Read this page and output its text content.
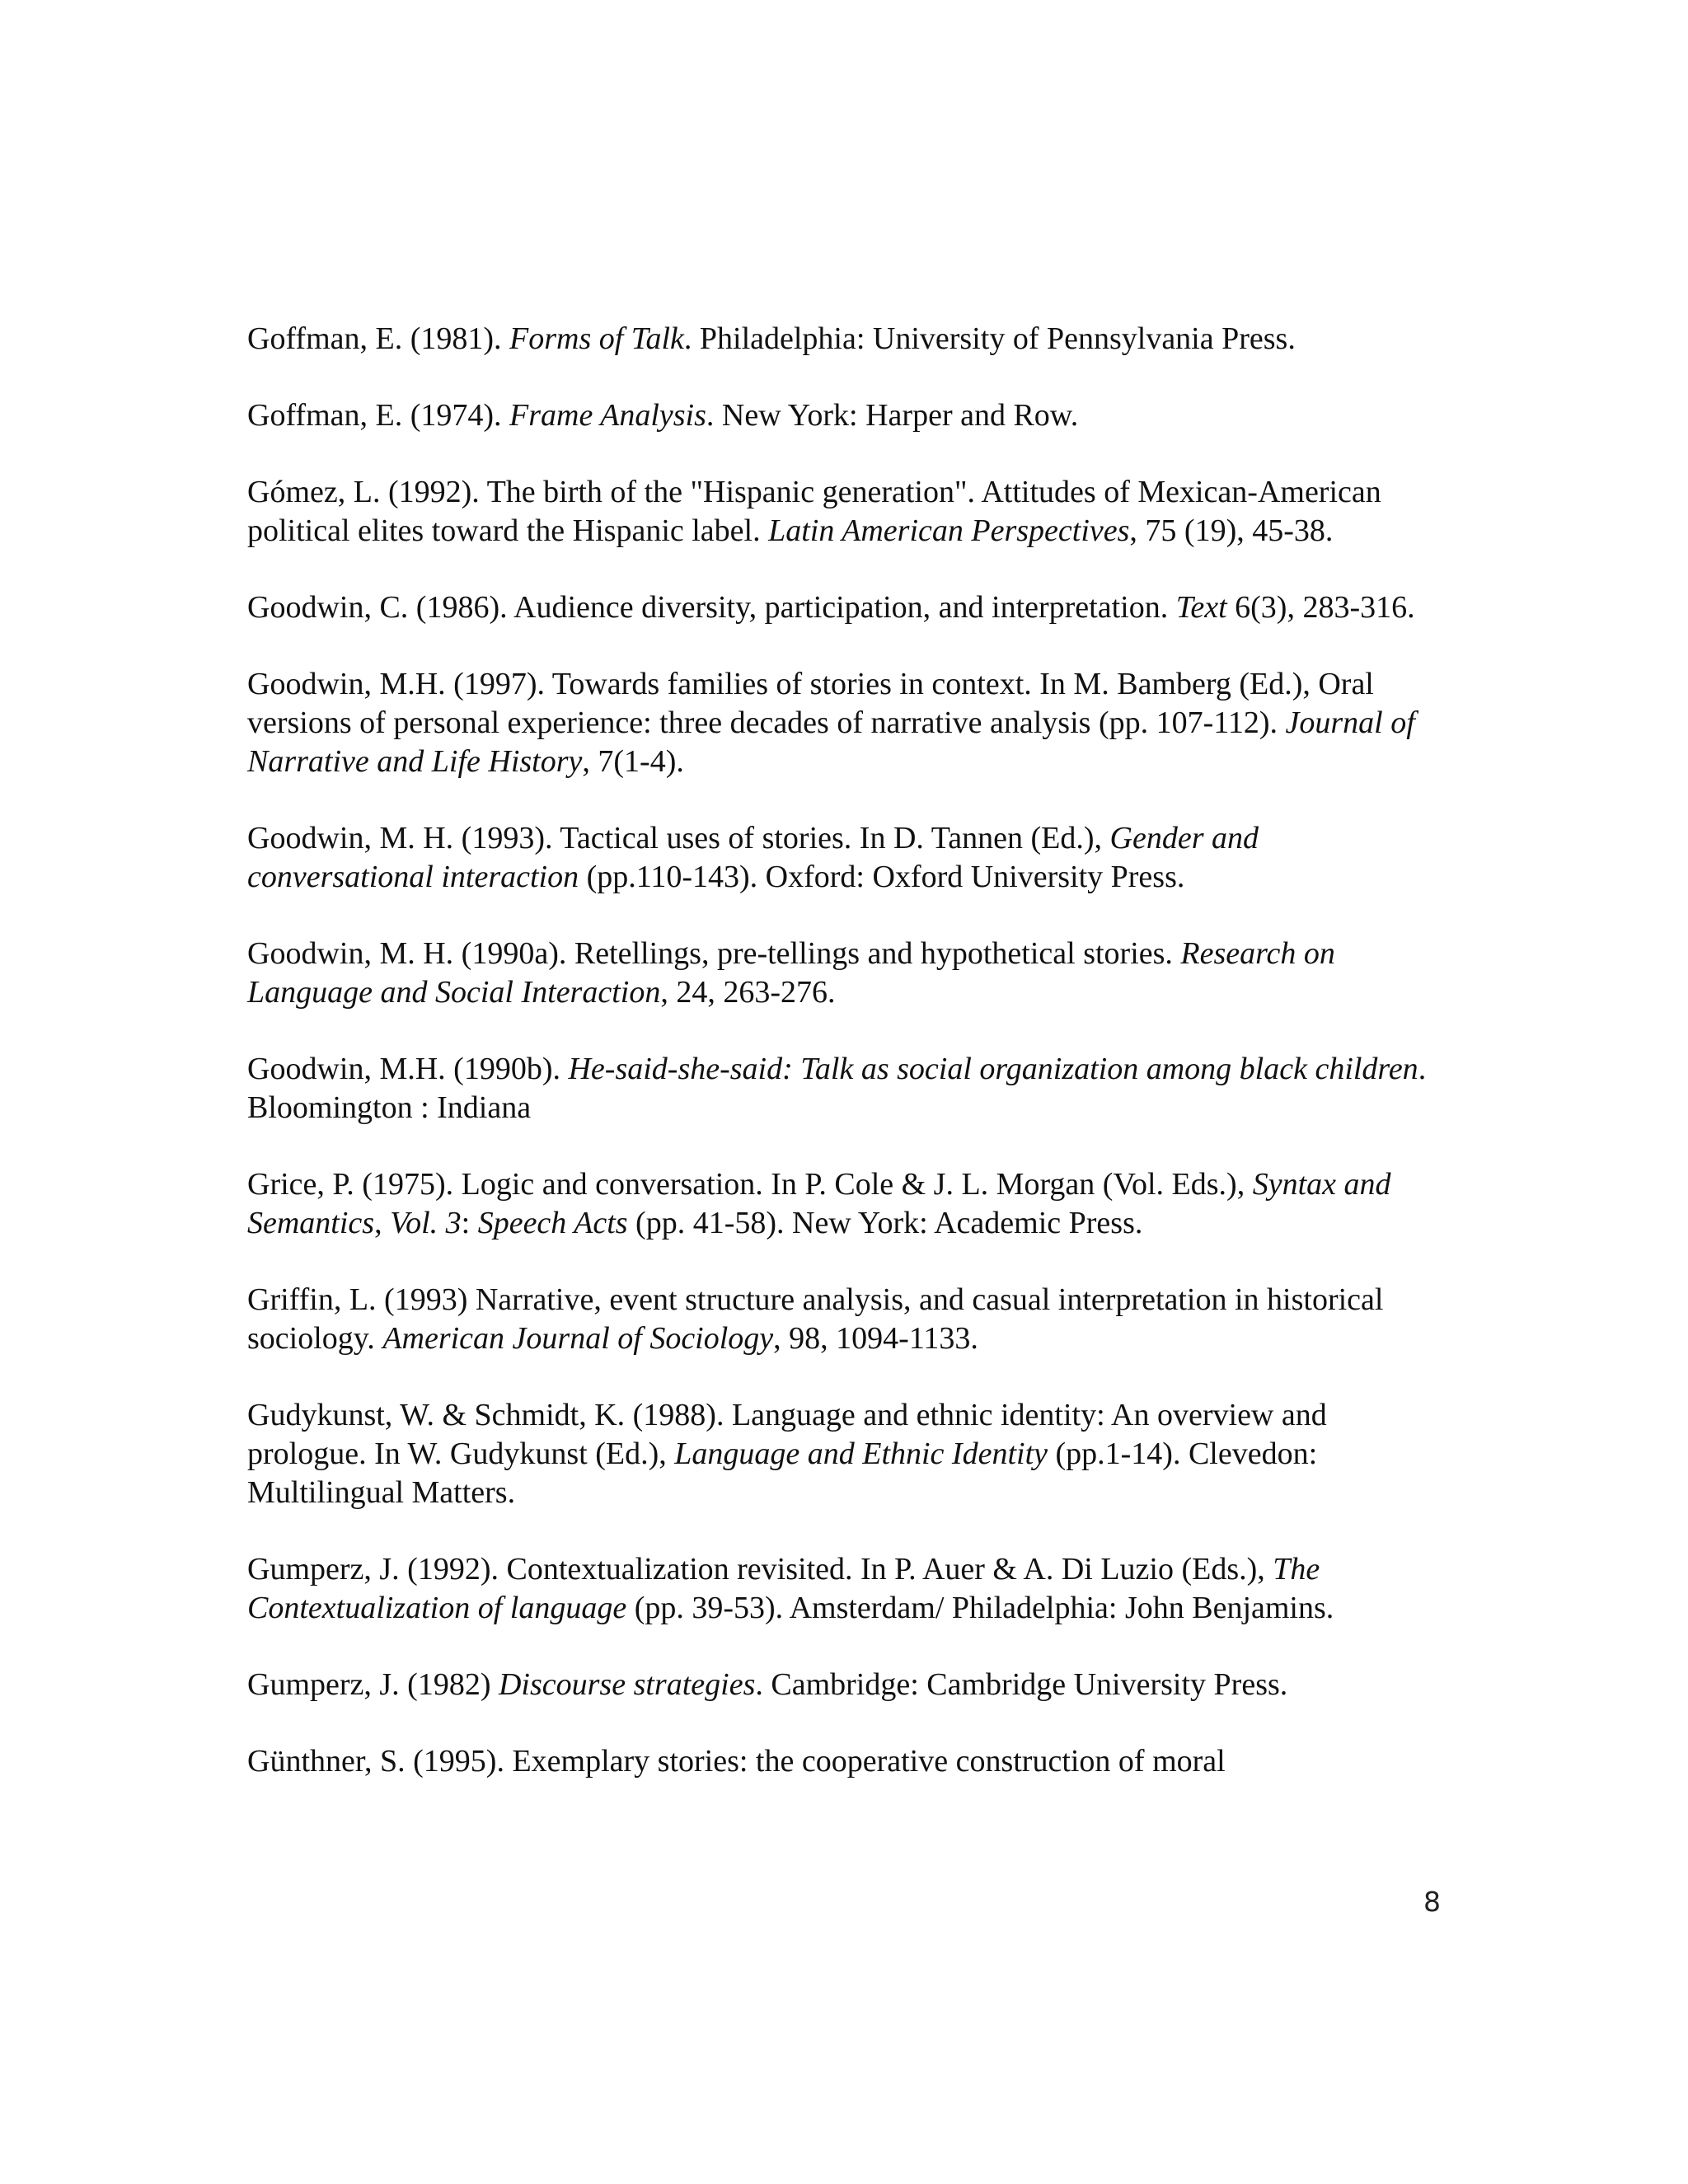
Goffman, E. (1981). Forms of Talk. Philadelphia: University of Pennsylvania Press.

Goffman, E. (1974). Frame Analysis. New York: Harper and Row.

Gómez, L. (1992). The birth of the "Hispanic generation". Attitudes of Mexican-American political elites toward the Hispanic label. Latin American Perspectives, 75 (19), 45-38.

Goodwin, C. (1986). Audience diversity, participation, and interpretation. Text 6(3), 283-316.

Goodwin, M.H. (1997). Towards families of stories in context. In M. Bamberg (Ed.), Oral versions of personal experience: three decades of narrative analysis (pp. 107-112). Journal of Narrative and Life History, 7(1-4).

Goodwin, M. H. (1993). Tactical uses of stories. In D. Tannen (Ed.), Gender and conversational interaction (pp.110-143). Oxford: Oxford University Press.

Goodwin, M. H. (1990a). Retellings, pre-tellings and hypothetical stories. Research on Language and Social Interaction, 24, 263-276.

Goodwin, M.H. (1990b). He-said-she-said: Talk as social organization among black children. Bloomington : Indiana

Grice, P. (1975). Logic and conversation. In P. Cole & J. L. Morgan (Vol. Eds.), Syntax and Semantics, Vol. 3: Speech Acts (pp. 41-58). New York: Academic Press.

Griffin, L. (1993) Narrative, event structure analysis, and casual interpretation in historical sociology. American Journal of Sociology, 98, 1094-1133.

Gudykunst, W. & Schmidt, K. (1988). Language and ethnic identity: An overview and prologue. In W. Gudykunst (Ed.), Language and Ethnic Identity (pp.1-14). Clevedon: Multilingual Matters.

Gumperz, J. (1992). Contextualization revisited. In P. Auer & A. Di Luzio (Eds.), The Contextualization of language (pp. 39-53). Amsterdam/ Philadelphia: John Benjamins.

Gumperz, J. (1982) Discourse strategies. Cambridge: Cambridge University Press.

Günthner, S. (1995). Exemplary stories: the cooperative construction of moral

8
